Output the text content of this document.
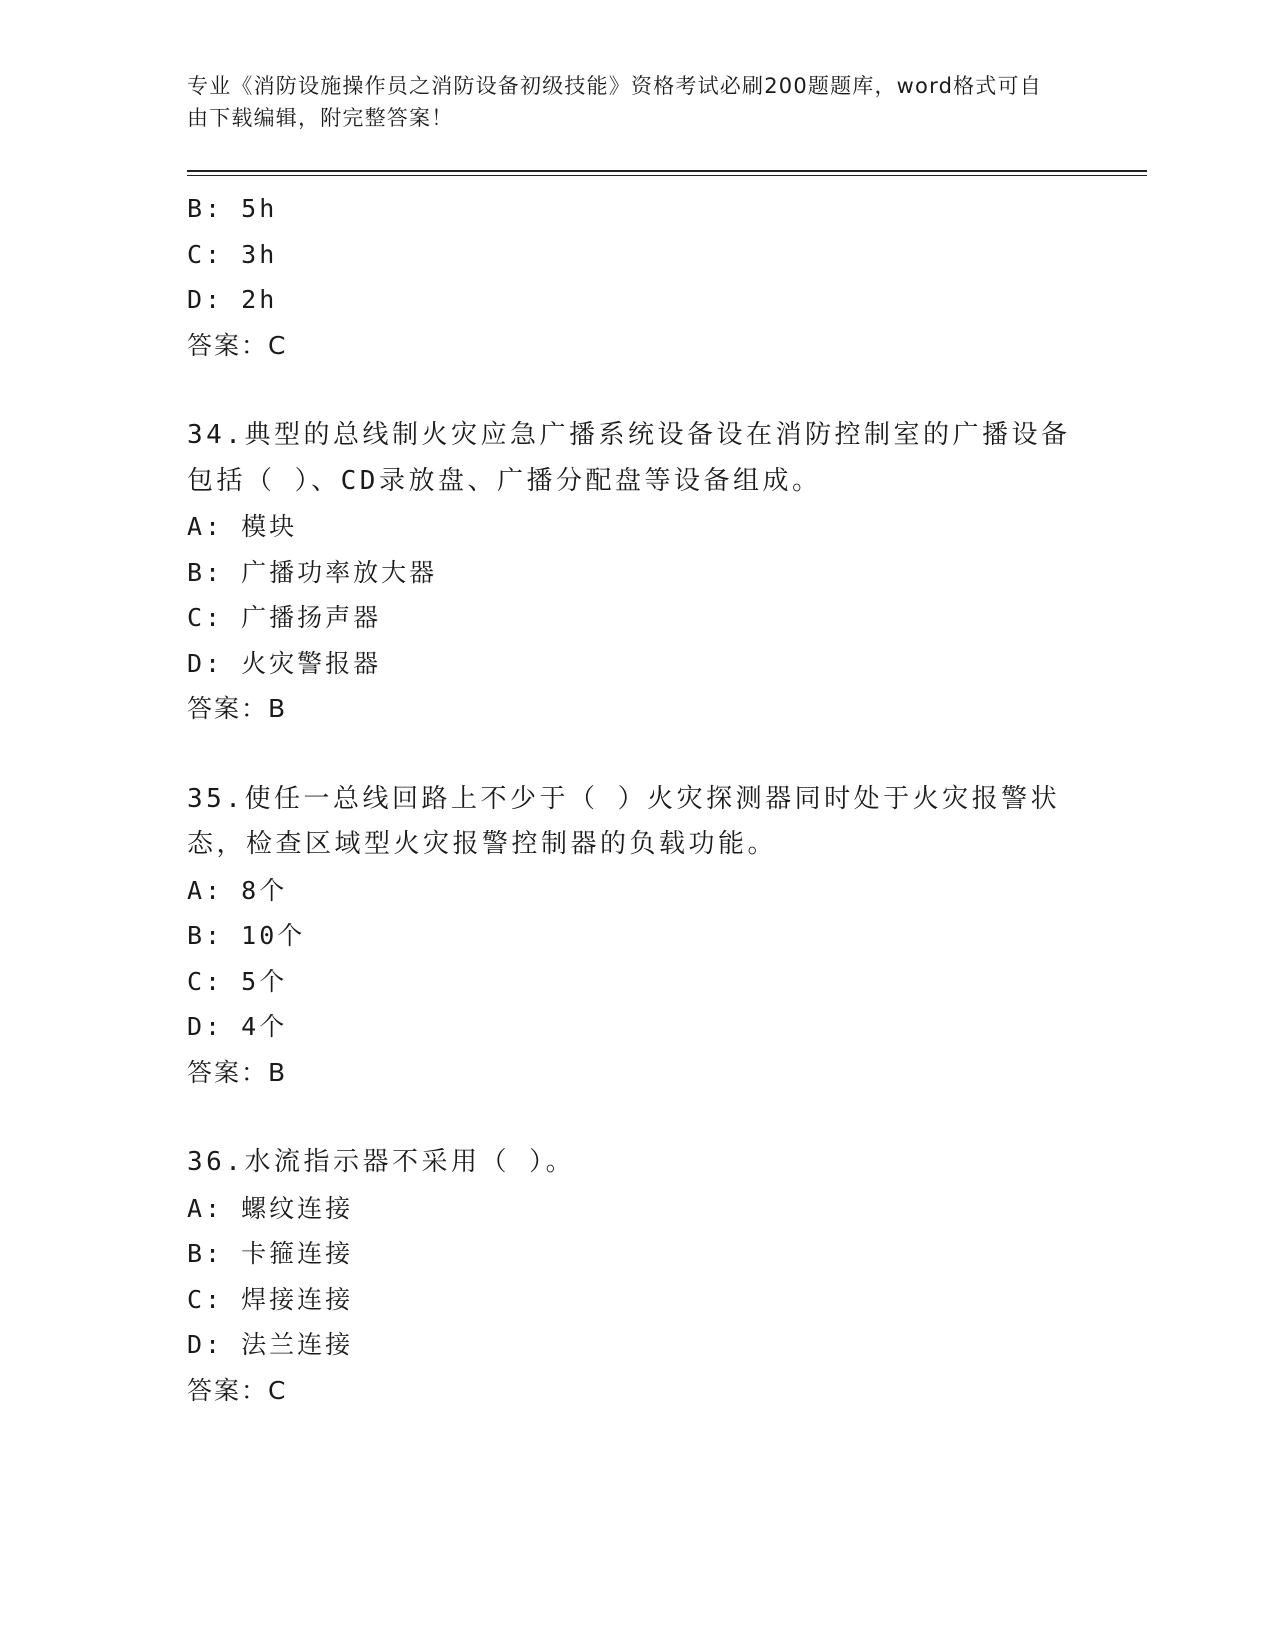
专业《消防设施操作员之消防设备初级技能》资格考试必刷200题题库，word格式可自由下载编辑，附完整答案！

B: 5h
C: 3h
D: 2h
答案：C
34.典型的总线制火灾应急广播系统设备设在消防控制室的广播设备包括（ ）、CD录放盘、广播分配盘等设备组成。
A: 模块
B: 广播功率放大器
C: 广播扬声器
D: 火灾警报器
答案：B
35.使任一总线回路上不少于（ ）火灾探测器同时处于火灾报警状态，检查区域型火灾报警控制器的负载功能。
A: 8个
B: 10个
C: 5个
D: 4个
答案：B
36.水流指示器不采用（ ）。
A: 螺纹连接
B: 卡箍连接
C: 焊接连接
D: 法兰连接
答案：C
